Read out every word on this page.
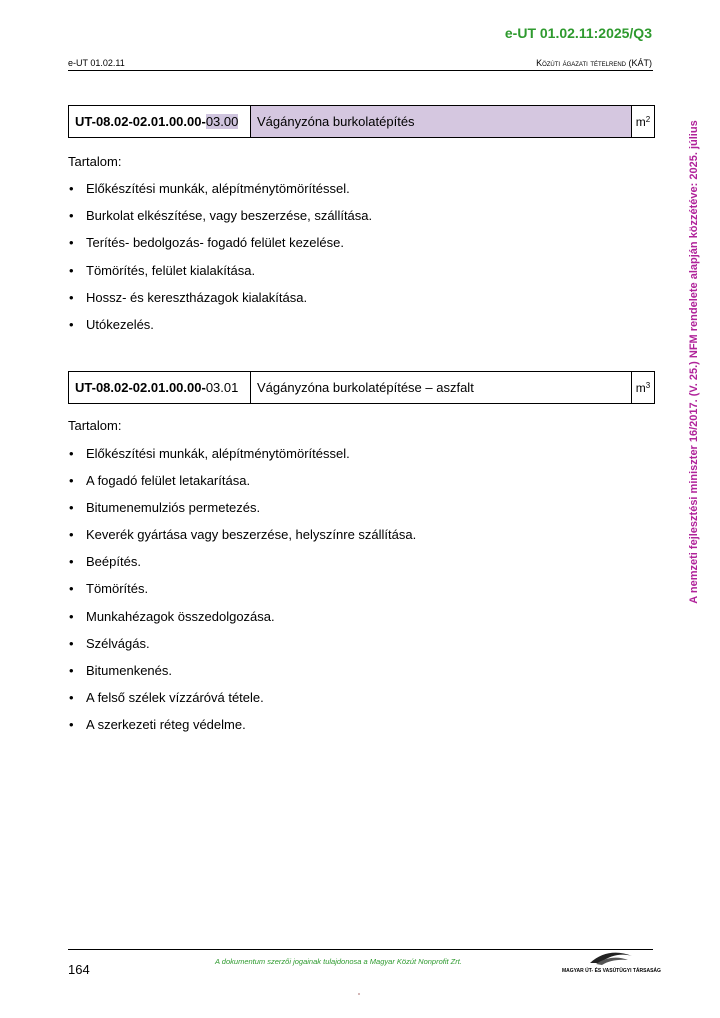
e-UT 01.02.11:2025/Q3
e-UT 01.02.11	Közúti ágazati tételrend (KÁT)
A nemzeti fejlesztési miniszter 16/2017. (V. 25.) NFM rendelete alapján közzétéve: 2025. július
UT-08.02-02.01.00.00- 03.00 Vágányzóna burkolatépítés	$m^2$
Tartalom:
• Előkészítési munkák, alépítménytömörítéssel.
• Burkolat elkészítése, vagy beszerzése, szállítása.
• Terítés- bedolgozás- fogadó felület kezelése.
• Tömörítés, felület kialakítása.
• Hossz- és keresztházagok kialakítása.
• Utókezelés.
UT-08.02-02.01.00.00- 03.01 Vágányzóna burkolatépítése – aszfalt	$m^3$
Tartalom:
• Előkészítési munkák, alépítménytömörítéssel.
• A fogadó felület letakarítása.
• Bitumenemulziós permetezés.
• Keverék gyártása vagy beszerzése, helyszínre szállítása.
• Beépítés.
• Tömörítés.
• Munkahézagok összedolgozása.
• Szélvágás.
• Bitumenkenés.
• A felső szélek vízzáróvá tétele.
• A szerkezeti réteg védelme.
164
A dokumentum szerzői jogainak tulajdonosa a Magyar Közút Nonprofit Zrt.
MAGYAR ÚT- ÉS VASÚTÜGYI TÁRSASÁG
